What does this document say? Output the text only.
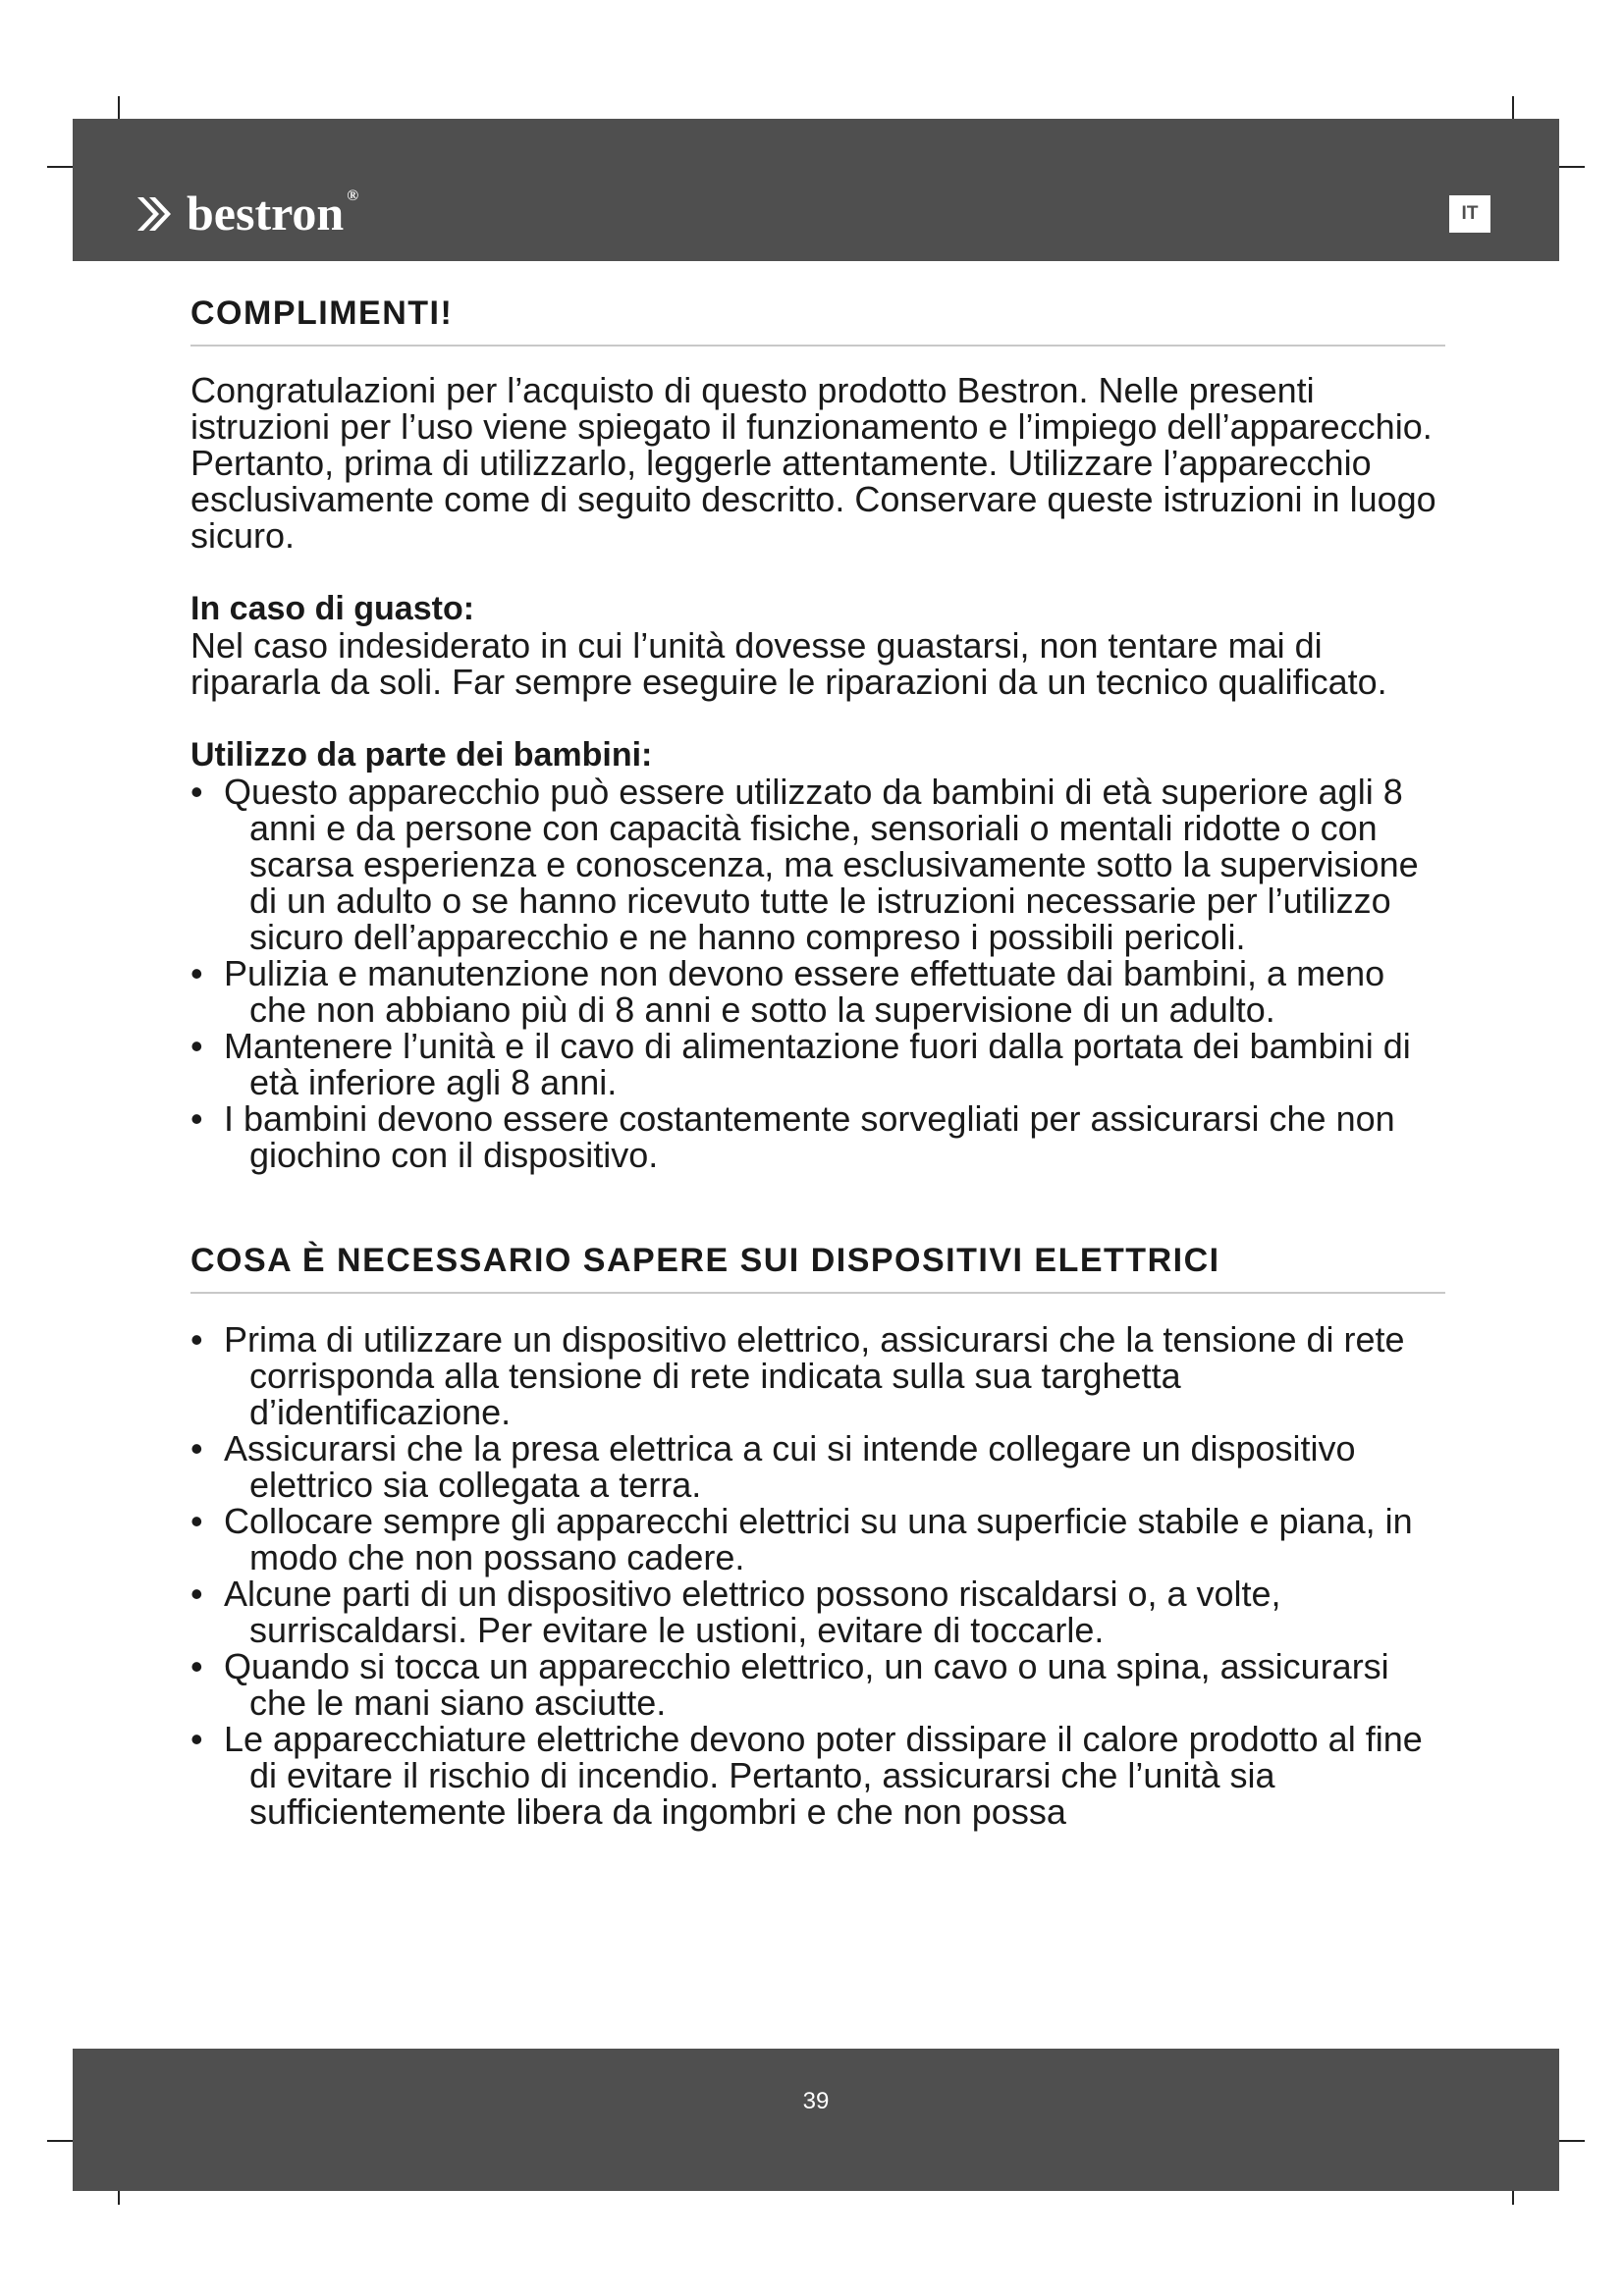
bestron ®
IT
COMPLIMENTI!

Congratulazioni per l’acquisto di questo prodotto Bestron. Nelle presenti istruzioni per l’uso viene spiegato il funzionamento e l’impiego dell’apparecchio. Pertanto, prima di utilizzarlo, leggerle attentamente. Utilizzare l’apparecchio esclusivamente come di seguito descritto. Conservare queste istruzioni in luogo sicuro.

In caso di guasto:

Nel caso indesiderato in cui l’unità dovesse guastarsi, non tentare mai di ripararla da soli. Far sempre eseguire le riparazioni da un tecnico qualificato.

Utilizzo da parte dei bambini:
• Questo apparecchio può essere utilizzato da bambini di età superiore agli 8 anni e da persone con capacità fisiche, sensoriali o mentali ridotte o con scarsa esperienza e conoscenza, ma esclusivamente sotto la supervisione di un adulto o se hanno ricevuto tutte le istruzioni necessarie per l’utilizzo sicuro dell’apparecchio e ne hanno compreso i possibili pericoli.
• Pulizia e manutenzione non devono essere effettuate dai bambini, a meno che non abbiano più di 8 anni e sotto la supervisione di un adulto.
• Mantenere l’unità e il cavo di alimentazione fuori dalla portata dei bambini di età inferiore agli 8 anni.
• I bambini devono essere costantemente sorvegliati per assicurarsi che non giochino con il dispositivo.
COSA È NECESSARIO SAPERE SUI DISPOSITIVI ELETTRICI
• Prima di utilizzare un dispositivo elettrico, assicurarsi che la tensione di rete corrisponda alla tensione di rete indicata sulla sua targhetta d’identificazione.
• Assicurarsi che la presa elettrica a cui si intende collegare un dispositivo elettrico sia collegata a terra.
• Collocare sempre gli apparecchi elettrici su una superficie stabile e piana, in modo che non possano cadere.
• Alcune parti di un dispositivo elettrico possono riscaldarsi o, a volte, surriscaldarsi. Per evitare le ustioni, evitare di toccarle.
• Quando si tocca un apparecchio elettrico, un cavo o una spina, assicurarsi che le mani siano asciutte.
• Le apparecchiature elettriche devono poter dissipare il calore prodotto al fine di evitare il rischio di incendio. Pertanto, assicurarsi che l’unità sia sufficientemente libera da ingombri e che non possa
39
